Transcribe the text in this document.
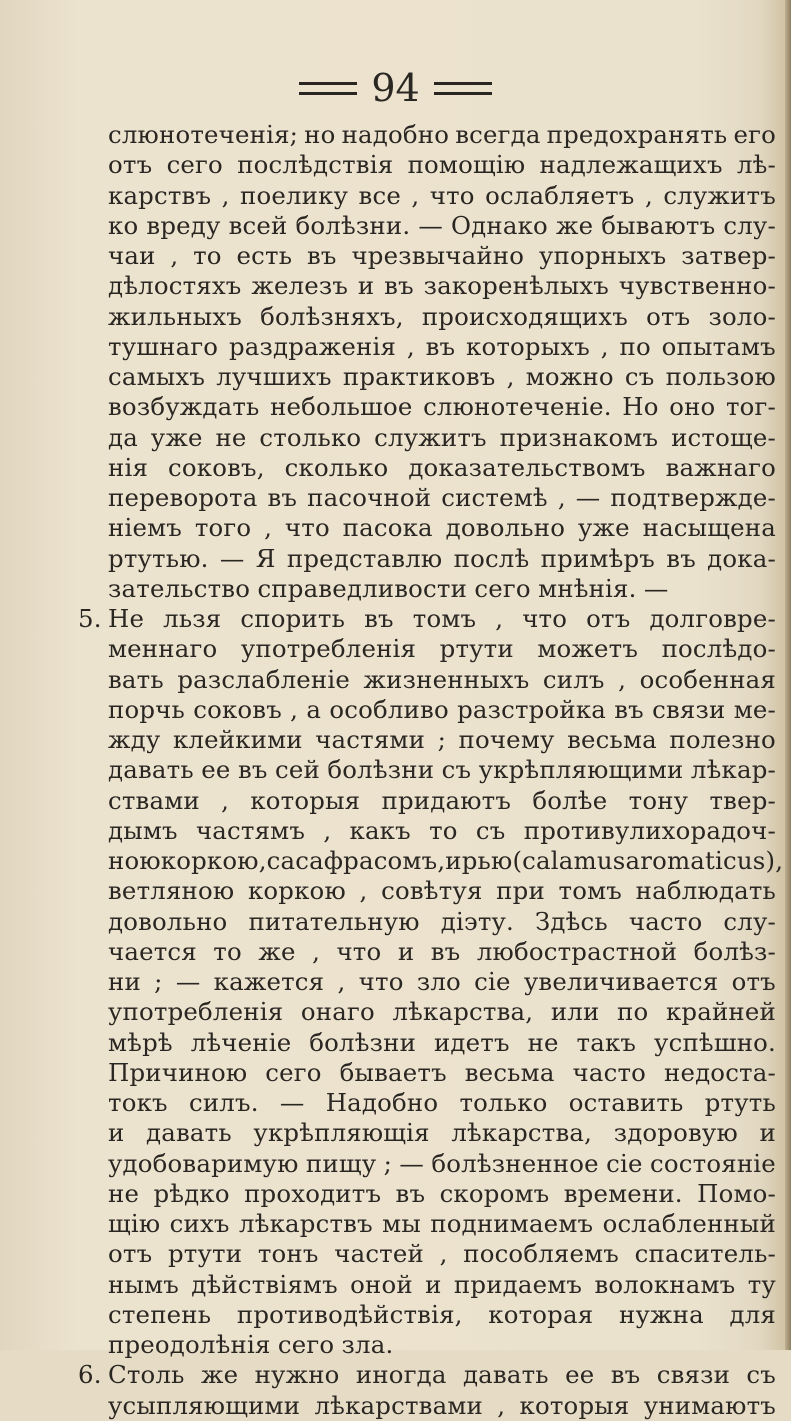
94
слюнотеченія; но надобно всегда предохранять его
отъ сего послѣдствія помощію надлежащихъ лѣ-
карствъ , поелику все , что ослабляетъ , служитъ
ко вреду всей болѣзни. — Однако же бываютъ слу-
чаи , то есть въ чрезвычайно упорныхъ затвер-
дѣлостяхъ железъ и въ закоренѣлыхъ чувственно-
жильныхъ болѣзняхъ, происходящихъ отъ золо-
тушнаго раздраженія , въ которыхъ , по опытамъ
самыхъ лучшихъ практиковъ , можно съ пользою
возбуждать небольшое слюнотеченіе. Но оно тог-
да уже не столько служитъ признакомъ истоще-
нія соковъ, сколько доказательствомъ важнаго
переворота въ пасочной системѣ , — подтвержде-
ніемъ того , что пасока довольно уже насыщена
ртутью. — Я представлю послѣ примѣръ въ дока-
зательство справедливости сего мнѣнія. —
5. Не льзя спорить въ томъ , что отъ долговре-
меннаго употребленія ртути можетъ послѣдо-
вать разслабленіе жизненныхъ силъ , особенная
порчь соковъ , а особливо разстройка въ связи ме-
жду клейкими частями ; почему весьма полезно
давать ее въ сей болѣзни съ укрѣпляющими лѣкар-
ствами , которыя придаютъ болѣе тону твер-
дымъ частямъ , какъ то съ противулихорадоч-
ною коркою , сасафрасомъ, ирью (calamus aromaticus),
ветляною коркою , совѣтуя при томъ наблюдать
довольно питательную діэту. Здѣсь часто слу-
чается то же , что и въ любострастной болѣз-
ни ; — кажется , что зло сіе увеличивается отъ
употребленія онаго лѣкарства, или по крайней
мѣрѣ лѣченіе болѣзни идетъ не такъ успѣшно.
Причиною сего бываетъ весьма часто недоста-
токъ силъ. — Надобно только оставить ртуть
и давать укрѣпляющія лѣкарства, здоровую и
удобоваримую пищу ; — болѣзненное сіе состояніе
не рѣдко проходитъ въ скоромъ времени. Помо-
щію сихъ лѣкарствъ мы поднимаемъ ослабленный
отъ ртути тонъ частей , пособляемъ спаситель-
нымъ дѣйствіямъ оной и придаемъ волокнамъ ту
степень противодѣйствія, которая нужна для
преодолѣнія сего зла.
6. Столь же нужно иногда давать ее въ связи съ
усыпляющими лѣкарствами , которыя унимаютъ
